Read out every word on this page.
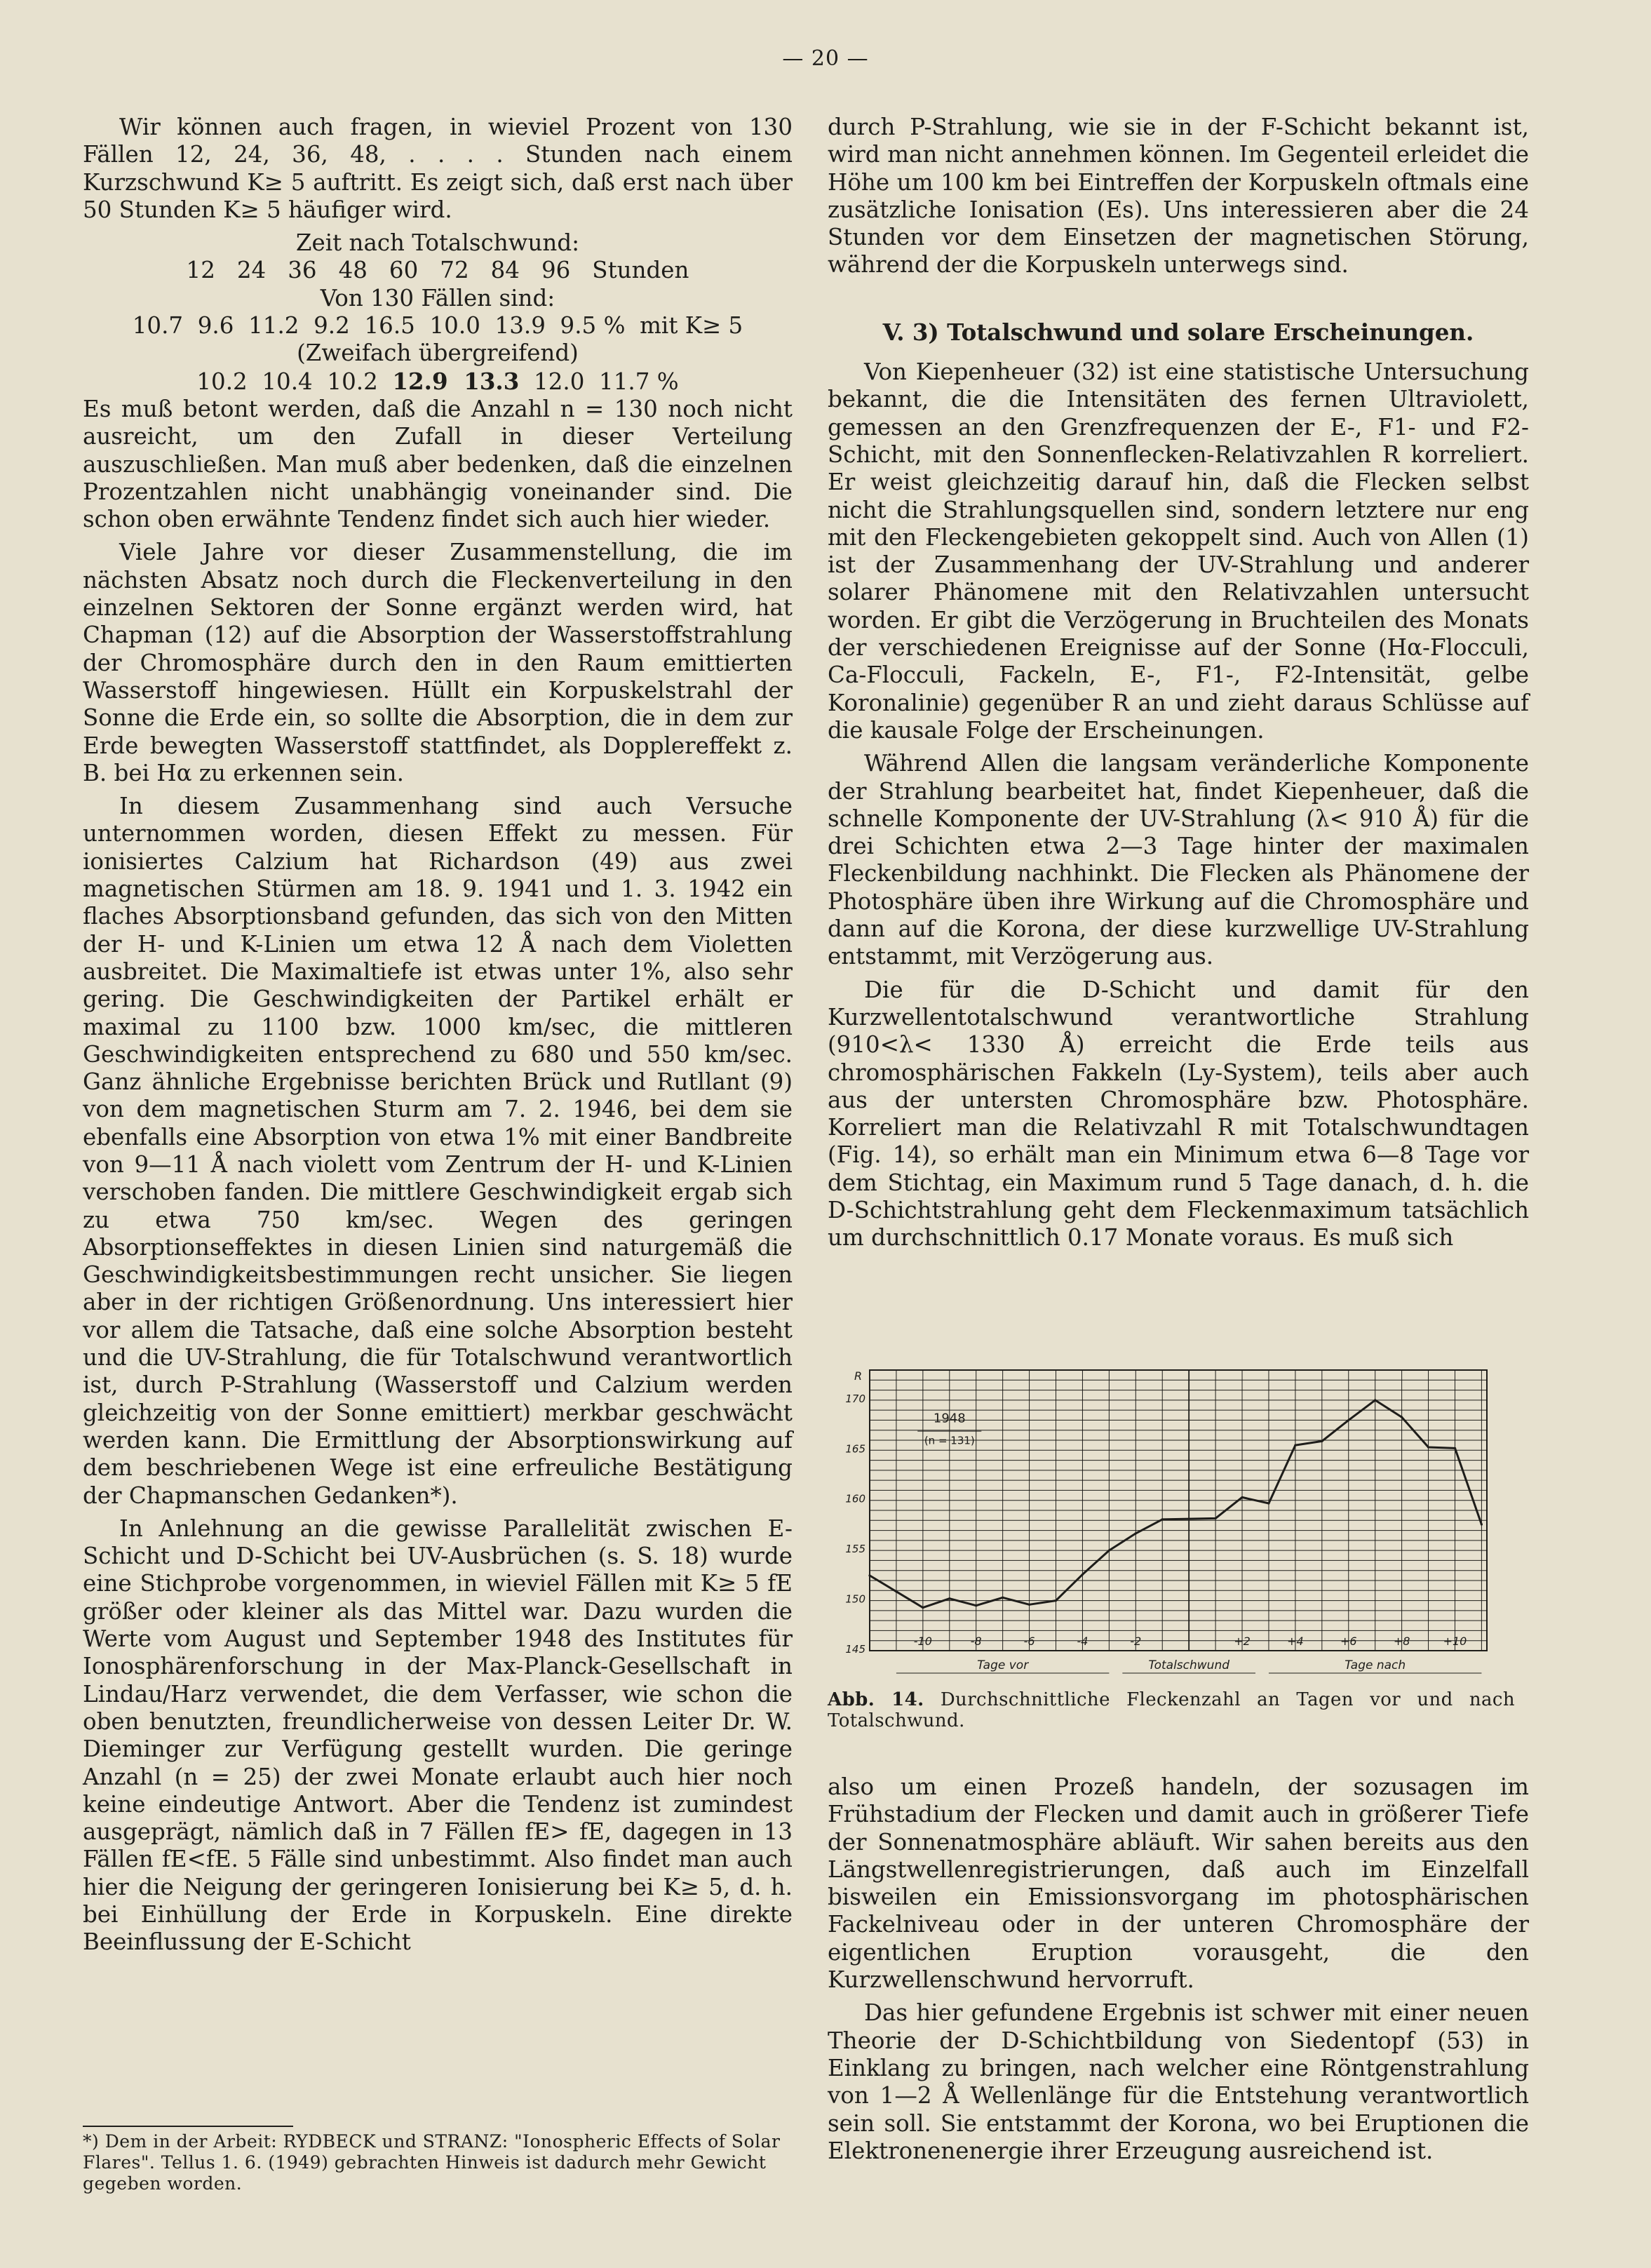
— 20 —

Wir können auch fragen, in wieviel Prozent von 130 Fällen 12, 24, 36, 48, . . . . Stunden nach einem Kurzschwund K≥ 5 auftritt. Es zeigt sich, daß erst nach über 50 Stunden K≥ 5 häufiger wird.

Zeit nach Totalschwund:
12   24   36   48   60   72   84   96   Stunden
Von 130 Fällen sind:
10.7  9.6  11.2  9.2  16.5  10.0  13.9  9.5 %  mit K≥ 5
(Zweifach übergreifend)
10.2  10.4  10.2  12.9  13.3  12.0  11.7 %

Es muß betont werden, daß die Anzahl n = 130 noch nicht ausreicht, um den Zufall in dieser Verteilung auszuschließen. Man muß aber bedenken, daß die einzelnen Prozentzahlen nicht unabhängig voneinander sind. Die schon oben erwähnte Tendenz findet sich auch hier wieder.

Viele Jahre vor dieser Zusammenstellung, die im nächsten Absatz noch durch die Fleckenverteilung in den einzelnen Sektoren der Sonne ergänzt werden wird, hat Chapman (12) auf die Absorption der Wasserstoffstrahlung der Chromosphäre durch den in den Raum emittierten Wasserstoff hingewiesen. Hüllt ein Korpuskelstrahl der Sonne die Erde ein, so sollte die Absorption, die in dem zur Erde bewegten Wasserstoff stattfindet, als Dopplereffekt z. B. bei Hα zu erkennen sein.

In diesem Zusammenhang sind auch Versuche unternommen worden, diesen Effekt zu messen. Für ionisiertes Calzium hat Richardson (49) aus zwei magnetischen Stürmen am 18. 9. 1941 und 1. 3. 1942 ein flaches Absorptionsband gefunden, das sich von den Mitten der H- und K-Linien um etwa 12 Å nach dem Violetten ausbreitet. Die Maximaltiefe ist etwas unter 1%, also sehr gering. Die Geschwindigkeiten der Partikel erhält er maximal zu 1100 bzw. 1000 km/sec, die mittleren Geschwindigkeiten entsprechend zu 680 und 550 km/sec. Ganz ähnliche Ergebnisse berichten Brück und Rutllant (9) von dem magnetischen Sturm am 7. 2. 1946, bei dem sie ebenfalls eine Absorption von etwa 1% mit einer Bandbreite von 9—11 Å nach violett vom Zentrum der H- und K-Linien verschoben fanden. Die mittlere Geschwindigkeit ergab sich zu etwa 750 km/sec. Wegen des geringen Absorptionseffektes in diesen Linien sind naturgemäß die Geschwindigkeitsbestimmungen recht unsicher. Sie liegen aber in der richtigen Größenordnung. Uns interessiert hier vor allem die Tatsache, daß eine solche Absorption besteht und die UV-Strahlung, die für Totalschwund verantwortlich ist, durch P-Strahlung (Wasserstoff und Calzium werden gleichzeitig von der Sonne emittiert) merkbar geschwächt werden kann. Die Ermittlung der Absorptionswirkung auf dem beschriebenen Wege ist eine erfreuliche Bestätigung der Chapmanschen Gedanken*).

In Anlehnung an die gewisse Parallelität zwischen E-Schicht und D-Schicht bei UV-Ausbrüchen (s. S. 18) wurde eine Stichprobe vorgenommen, in wieviel Fällen mit K≥ 5 fE größer oder kleiner als das Mittel war. Dazu wurden die Werte vom August und September 1948 des Institutes für Ionosphärenforschung in der Max-Planck-Gesellschaft in Lindau/Harz verwendet, die dem Verfasser, wie schon die oben benutzten, freundlicherweise von dessen Leiter Dr. W. Dieminger zur Verfügung gestellt wurden. Die geringe Anzahl (n = 25) der zwei Monate erlaubt auch hier noch keine eindeutige Antwort. Aber die Tendenz ist zumindest ausgeprägt, nämlich daß in 7 Fällen fE> fE, dagegen in 13 Fällen fE<fE. 5 Fälle sind unbestimmt. Also findet man auch hier die Neigung der geringeren Ionisierung bei K≥ 5, d. h. bei Einhüllung der Erde in Korpuskeln. Eine direkte Beeinflussung der E-Schicht

*) Dem in der Arbeit: RYDBECK und STRANZ: "Ionospheric Effects of Solar Flares". Tellus 1. 6. (1949) gebrachten Hinweis ist dadurch mehr Gewicht gegeben worden.

durch P-Strahlung, wie sie in der F-Schicht bekannt ist, wird man nicht annehmen können. Im Gegenteil erleidet die Höhe um 100 km bei Eintreffen der Korpuskeln oftmals eine zusätzliche Ionisation (Es). Uns interessieren aber die 24 Stunden vor dem Einsetzen der magnetischen Störung, während der die Korpuskeln unterwegs sind.

V. 3) Totalschwund und solare Erscheinungen.

Von Kiepenheuer (32) ist eine statistische Untersuchung bekannt, die die Intensitäten des fernen Ultraviolett, gemessen an den Grenzfrequenzen der E-, F1- und F2-Schicht, mit den Sonnenflecken-Relativzahlen R korreliert. Er weist gleichzeitig darauf hin, daß die Flecken selbst nicht die Strahlungsquellen sind, sondern letztere nur eng mit den Fleckengebieten gekoppelt sind. Auch von Allen (1) ist der Zusammenhang der UV-Strahlung und anderer solarer Phänomene mit den Relativzahlen untersucht worden. Er gibt die Verzögerung in Bruchteilen des Monats der verschiedenen Ereignisse auf der Sonne (Hα-Flocculi, Ca-Flocculi, Fackeln, E-, F1-, F2-Intensität, gelbe Koronalinie) gegenüber R an und zieht daraus Schlüsse auf die kausale Folge der Erscheinungen.

Während Allen die langsam veränderliche Komponente der Strahlung bearbeitet hat, findet Kiepenheuer, daß die schnelle Komponente der UV-Strahlung (λ< 910 Å) für die drei Schichten etwa 2—3 Tage hinter der maximalen Fleckenbildung nachhinkt. Die Flecken als Phänomene der Photosphäre üben ihre Wirkung auf die Chromosphäre und dann auf die Korona, der diese kurzwellige UV-Strahlung entstammt, mit Verzögerung aus.

Die für die D-Schicht und damit für den Kurzwellentotalschwund verantwortliche Strahlung (910<λ< 1330 Å) erreicht die Erde teils aus chromosphärischen Fakkeln (Ly-System), teils aber auch aus der untersten Chromosphäre bzw. Photosphäre. Korreliert man die Relativzahl R mit Totalschwundtagen (Fig. 14), so erhält man ein Minimum etwa 6—8 Tage vor dem Stichtag, ein Maximum rund 5 Tage danach, d. h. die D-Schichtstrahlung geht dem Fleckenmaximum tatsächlich um durchschnittlich 0.17 Monate voraus. Es muß sich

145
150
155
160
165
170
R
-10	-8	-6	-4	-2	+2	+4	+6	+8	+10
Tage vor	Totalschwund	Tage nach
1948
(n = 131)
Abb. 14. Durchschnittliche Fleckenzahl an Tagen vor und nach Totalschwund.

also um einen Prozeß handeln, der sozusagen im Frühstadium der Flecken und damit auch in größerer Tiefe der Sonnenatmosphäre abläuft. Wir sahen bereits aus den Längstwellenregistrierungen, daß auch im Einzelfall bisweilen ein Emissionsvorgang im photosphärischen Fackelniveau oder in der unteren Chromosphäre der eigentlichen Eruption vorausgeht, die den Kurzwellenschwund hervorruft.

Das hier gefundene Ergebnis ist schwer mit einer neuen Theorie der D-Schichtbildung von Siedentopf (53) in Einklang zu bringen, nach welcher eine Röntgenstrahlung von 1—2 Å Wellenlänge für die Entstehung verantwortlich sein soll. Sie entstammt der Korona, wo bei Eruptionen die Elektronenenergie ihrer Erzeugung ausreichend ist.
